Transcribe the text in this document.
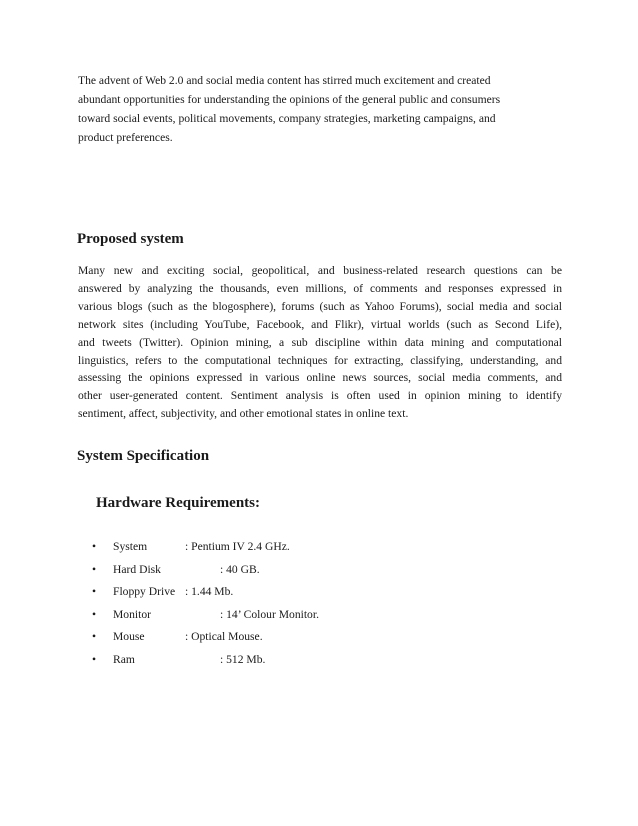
The advent of Web 2.0 and social media content has stirred much excitement and created
abundant opportunities for understanding the opinions of the general public and consumers
toward social events, political movements, company strategies, marketing campaigns, and
product preferences.

Proposed system

Many new and exciting social, geopolitical, and business-related research questions can be
answered by analyzing the thousands, even millions, of comments and responses expressed in
various blogs (such as the blogosphere), forums (such as Yahoo Forums), social media and social
network sites (including YouTube, Facebook, and Flikr), virtual worlds (such as Second Life),
and tweets (Twitter). Opinion mining, a sub discipline within data mining and computational
linguistics, refers to the computational techniques for extracting, classifying, understanding, and
assessing the opinions expressed in various online news sources, social media comments, and
other user-generated content. Sentiment analysis is often used in opinion mining to identify
sentiment, affect, subjectivity, and other emotional states in online text.

System Specification
Hardware Requirements:
• System	: Pentium IV 2.4 GHz.
• Hard Disk	: 40 GB.
• Floppy Drive : 1.44 Mb.
• Monitor	: 14’ Colour Monitor.
• Mouse	: Optical Mouse.
• Ram	: 512 Mb.
